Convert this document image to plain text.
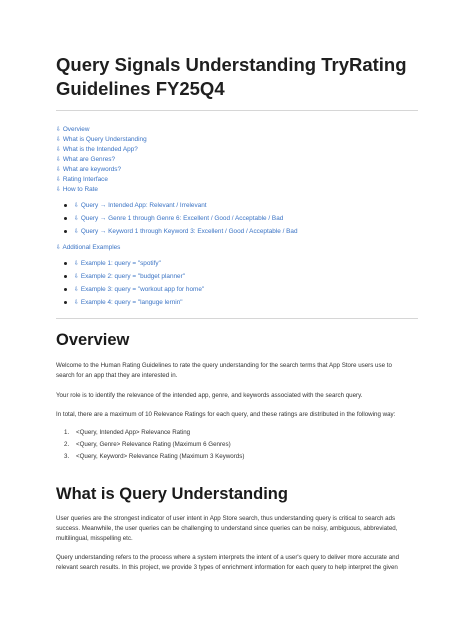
Query Signals Understanding TryRating
Guidelines FY25Q4
⇩ Overview
⇩ What is Query Understanding
⇩ What is the Intended App?
⇩ What are Genres?
⇩ What are keywords?
⇩ Rating Interface
⇩ How to Rate
⇩ Query → Intended App: Relevant / Irrelevant
⇩ Query → Genre 1 through Genre 6: Excellent / Good / Acceptable / Bad
⇩ Query → Keyword 1 through Keyword 3: Excellent / Good / Acceptable / Bad
⇩ Additional Examples
⇩ Example 1: query = "spotify"
⇩ Example 2: query = "budget planner"
⇩ Example 3: query = "workout app for home"
⇩ Example 4: query = "languge lernin"
Overview
Welcome to the Human Rating Guidelines to rate the query understanding for the search terms that App Store users use to
search for an app that they are interested in.
Your role is to identify the relevance of the intended app, genre, and keywords associated with the search query.
In total, there are a maximum of 10 Relevance Ratings for each query, and these ratings are distributed in the following way:
1. <Query, Intended App> Relevance Rating
2. <Query, Genre> Relevance Rating (Maximum 6 Genres)
3. <Query, Keyword> Relevance Rating (Maximum 3 Keywords)
What is Query Understanding
User queries are the strongest indicator of user intent in App Store search, thus understanding query is critical to search ads
success. Meanwhile, the user queries can be challenging to understand since queries can be noisy, ambiguous, abbreviated,
multilingual, misspelling etc.
Query understanding refers to the process where a system interprets the intent of a user's query to deliver more accurate and
relevant search results. In this project, we provide 3 types of enrichment information for each query to help interpret the given
